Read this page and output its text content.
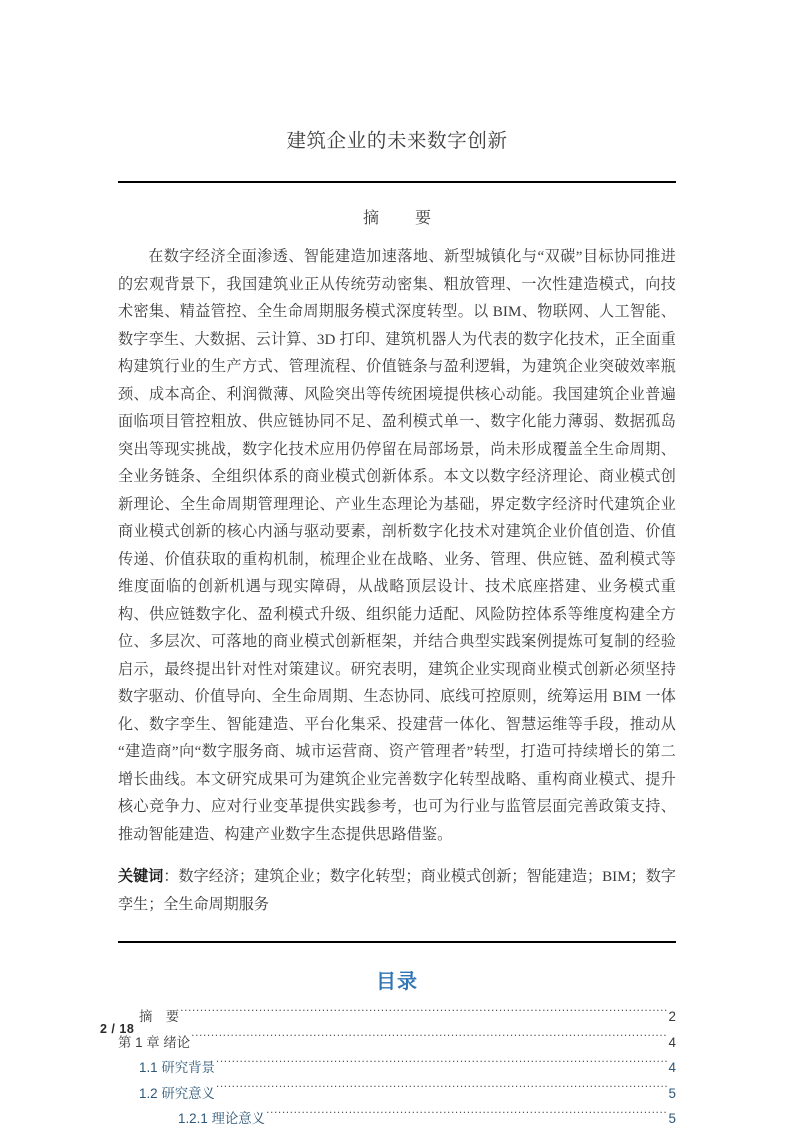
建筑企业的未来数字创新
摘　要

在数字经济全面渗透、智能建造加速落地、新型城镇化与“双碳”目标协同推进的宏观背景下，我国建筑业正从传统劳动密集、粗放管理、一次性建造模式，向技术密集、精益管控、全生命周期服务模式深度转型。以 BIM、物联网、人工智能、数字孪生、大数据、云计算、3D 打印、建筑机器人为代表的数字化技术，正全面重构建筑行业的生产方式、管理流程、价值链条与盈利逻辑，为建筑企业突破效率瓶颈、成本高企、利润微薄、风险突出等传统困境提供核心动能。我国建筑企业普遍面临项目管控粗放、供应链协同不足、盈利模式单一、数字化能力薄弱、数据孤岛突出等现实挑战，数字化技术应用仍停留在局部场景，尚未形成覆盖全生命周期、全业务链条、全组织体系的商业模式创新体系。本文以数字经济理论、商业模式创新理论、全生命周期管理理论、产业生态理论为基础，界定数字经济时代建筑企业商业模式创新的核心内涵与驱动要素，剖析数字化技术对建筑企业价值创造、价值传递、价值获取的重构机制，梳理企业在战略、业务、管理、供应链、盈利模式等维度面临的创新机遇与现实障碍，从战略顶层设计、技术底座搭建、业务模式重构、供应链数字化、盈利模式升级、组织能力适配、风险防控体系等维度构建全方位、多层次、可落地的商业模式创新框架，并结合典型实践案例提炼可复制的经验启示，最终提出针对性对策建议。研究表明，建筑企业实现商业模式创新必须坚持数字驱动、价值导向、全生命周期、生态协同、底线可控原则，统筹运用 BIM 一体化、数字孪生、智能建造、平台化集采、投建营一体化、智慧运维等手段，推动从“建造商”向“数字服务商、城市运营商、资产管理者”转型，打造可持续增长的第二增长曲线。本文研究成果可为建筑企业完善数字化转型战略、重构商业模式、提升核心竞争力、应对行业变革提供实践参考，也可为行业与监管层面完善政策支持、推动智能建造、构建产业数字生态提供思路借鉴。

关键词：数字经济；建筑企业；数字化转型；商业模式创新；智能建造；BIM；数字孪生；全生命周期服务

目录
摘　要 .....	2
第 1 章 绪论 .....	4
1.1 研究背景 .....	4
1.2 研究意义 .....	5
1.2.1 理论意义 .....	5
2 / 18
